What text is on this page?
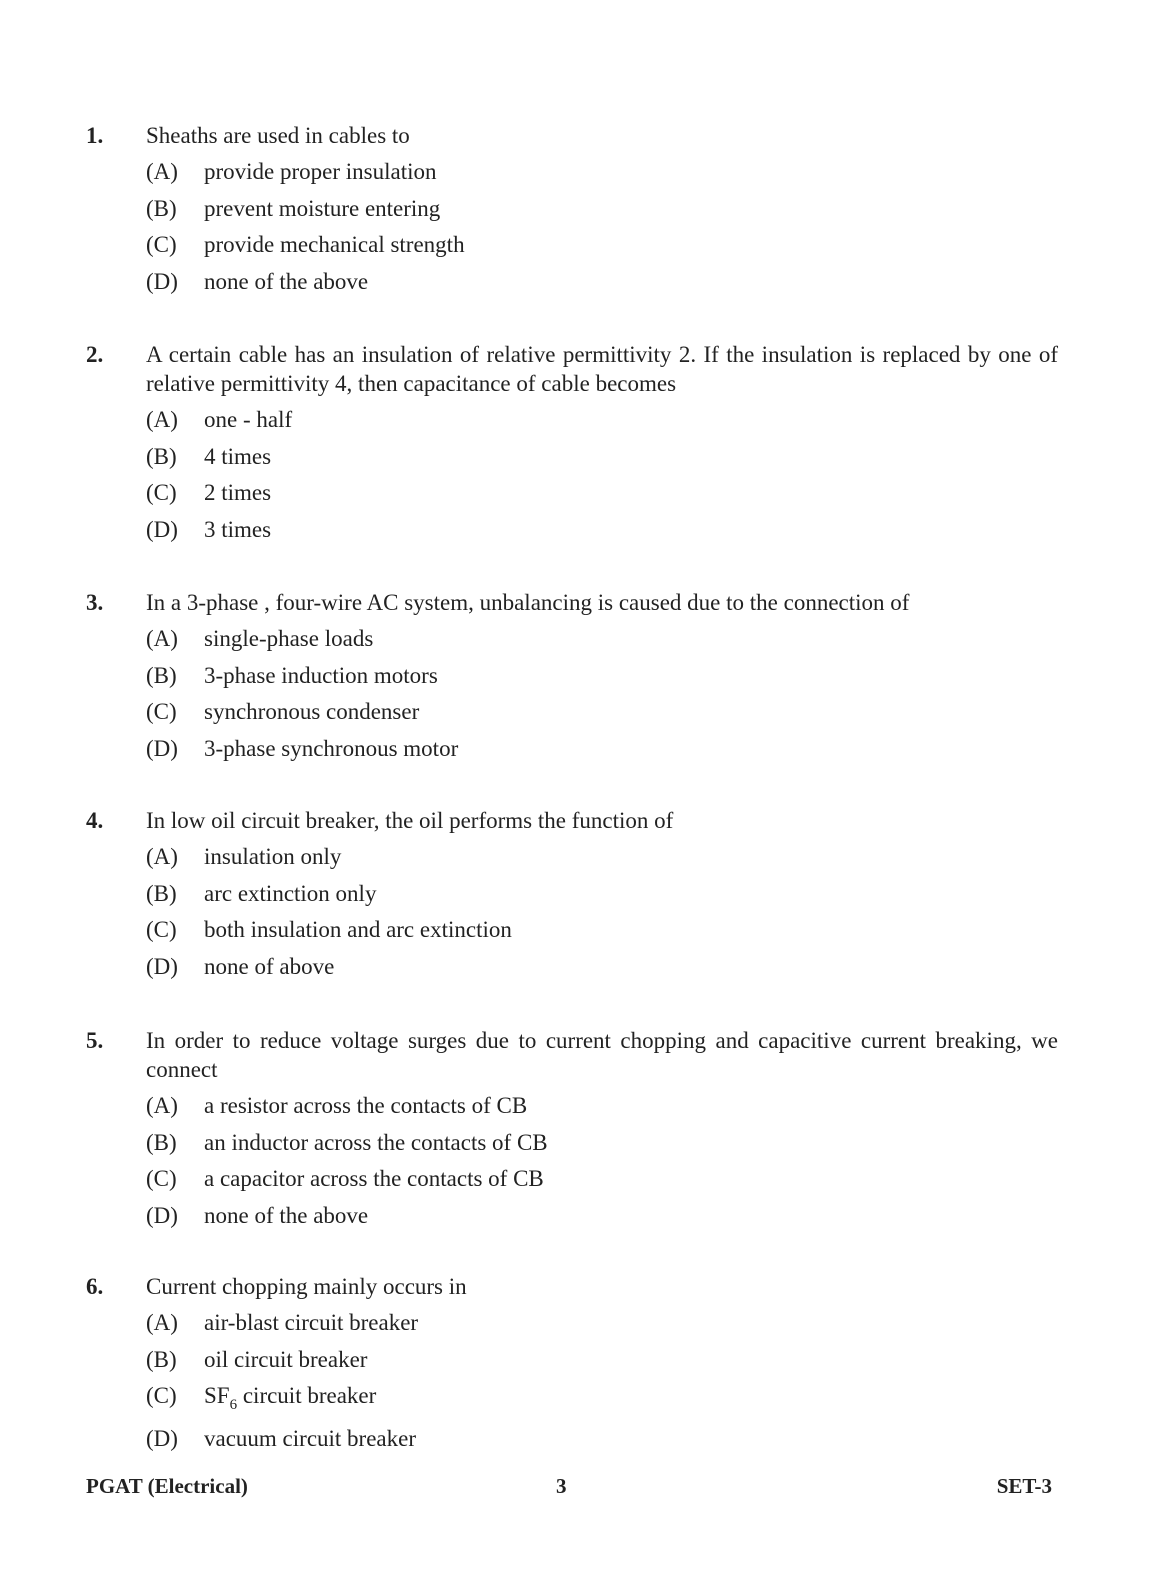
1. Sheaths are used in cables to
(A)	provide proper insulation
(B)	prevent moisture entering
(C)	provide mechanical strength
(D)	none of the above
2. A certain cable has an insulation of relative permittivity 2. If the insulation is replaced by one of relative permittivity 4, then capacitance of cable becomes
(A)	one - half
(B)	4 times
(C)	2 times
(D)	3 times
3. In a 3-phase , four-wire AC system, unbalancing is caused due to the connection of
(A)	single-phase loads
(B)	3-phase induction motors
(C)	synchronous condenser
(D)	3-phase synchronous motor
4. In low oil circuit breaker, the oil performs the function of
(A)	insulation only
(B)	arc extinction only
(C)	both insulation and arc extinction
(D)	none of above
5. In order to reduce voltage surges due to current chopping and capacitive current breaking, we connect
(A)	a resistor across the contacts of CB
(B)	an inductor across the contacts of CB
(C)	a capacitor across the contacts of CB
(D)	none of the above
6. Current chopping mainly occurs in
(A)	air-blast circuit breaker
(B)	oil circuit breaker
(C)	$SF_6$ circuit breaker
(D)	vacuum circuit breaker
PGAT (Electrical)	3	SET-3
